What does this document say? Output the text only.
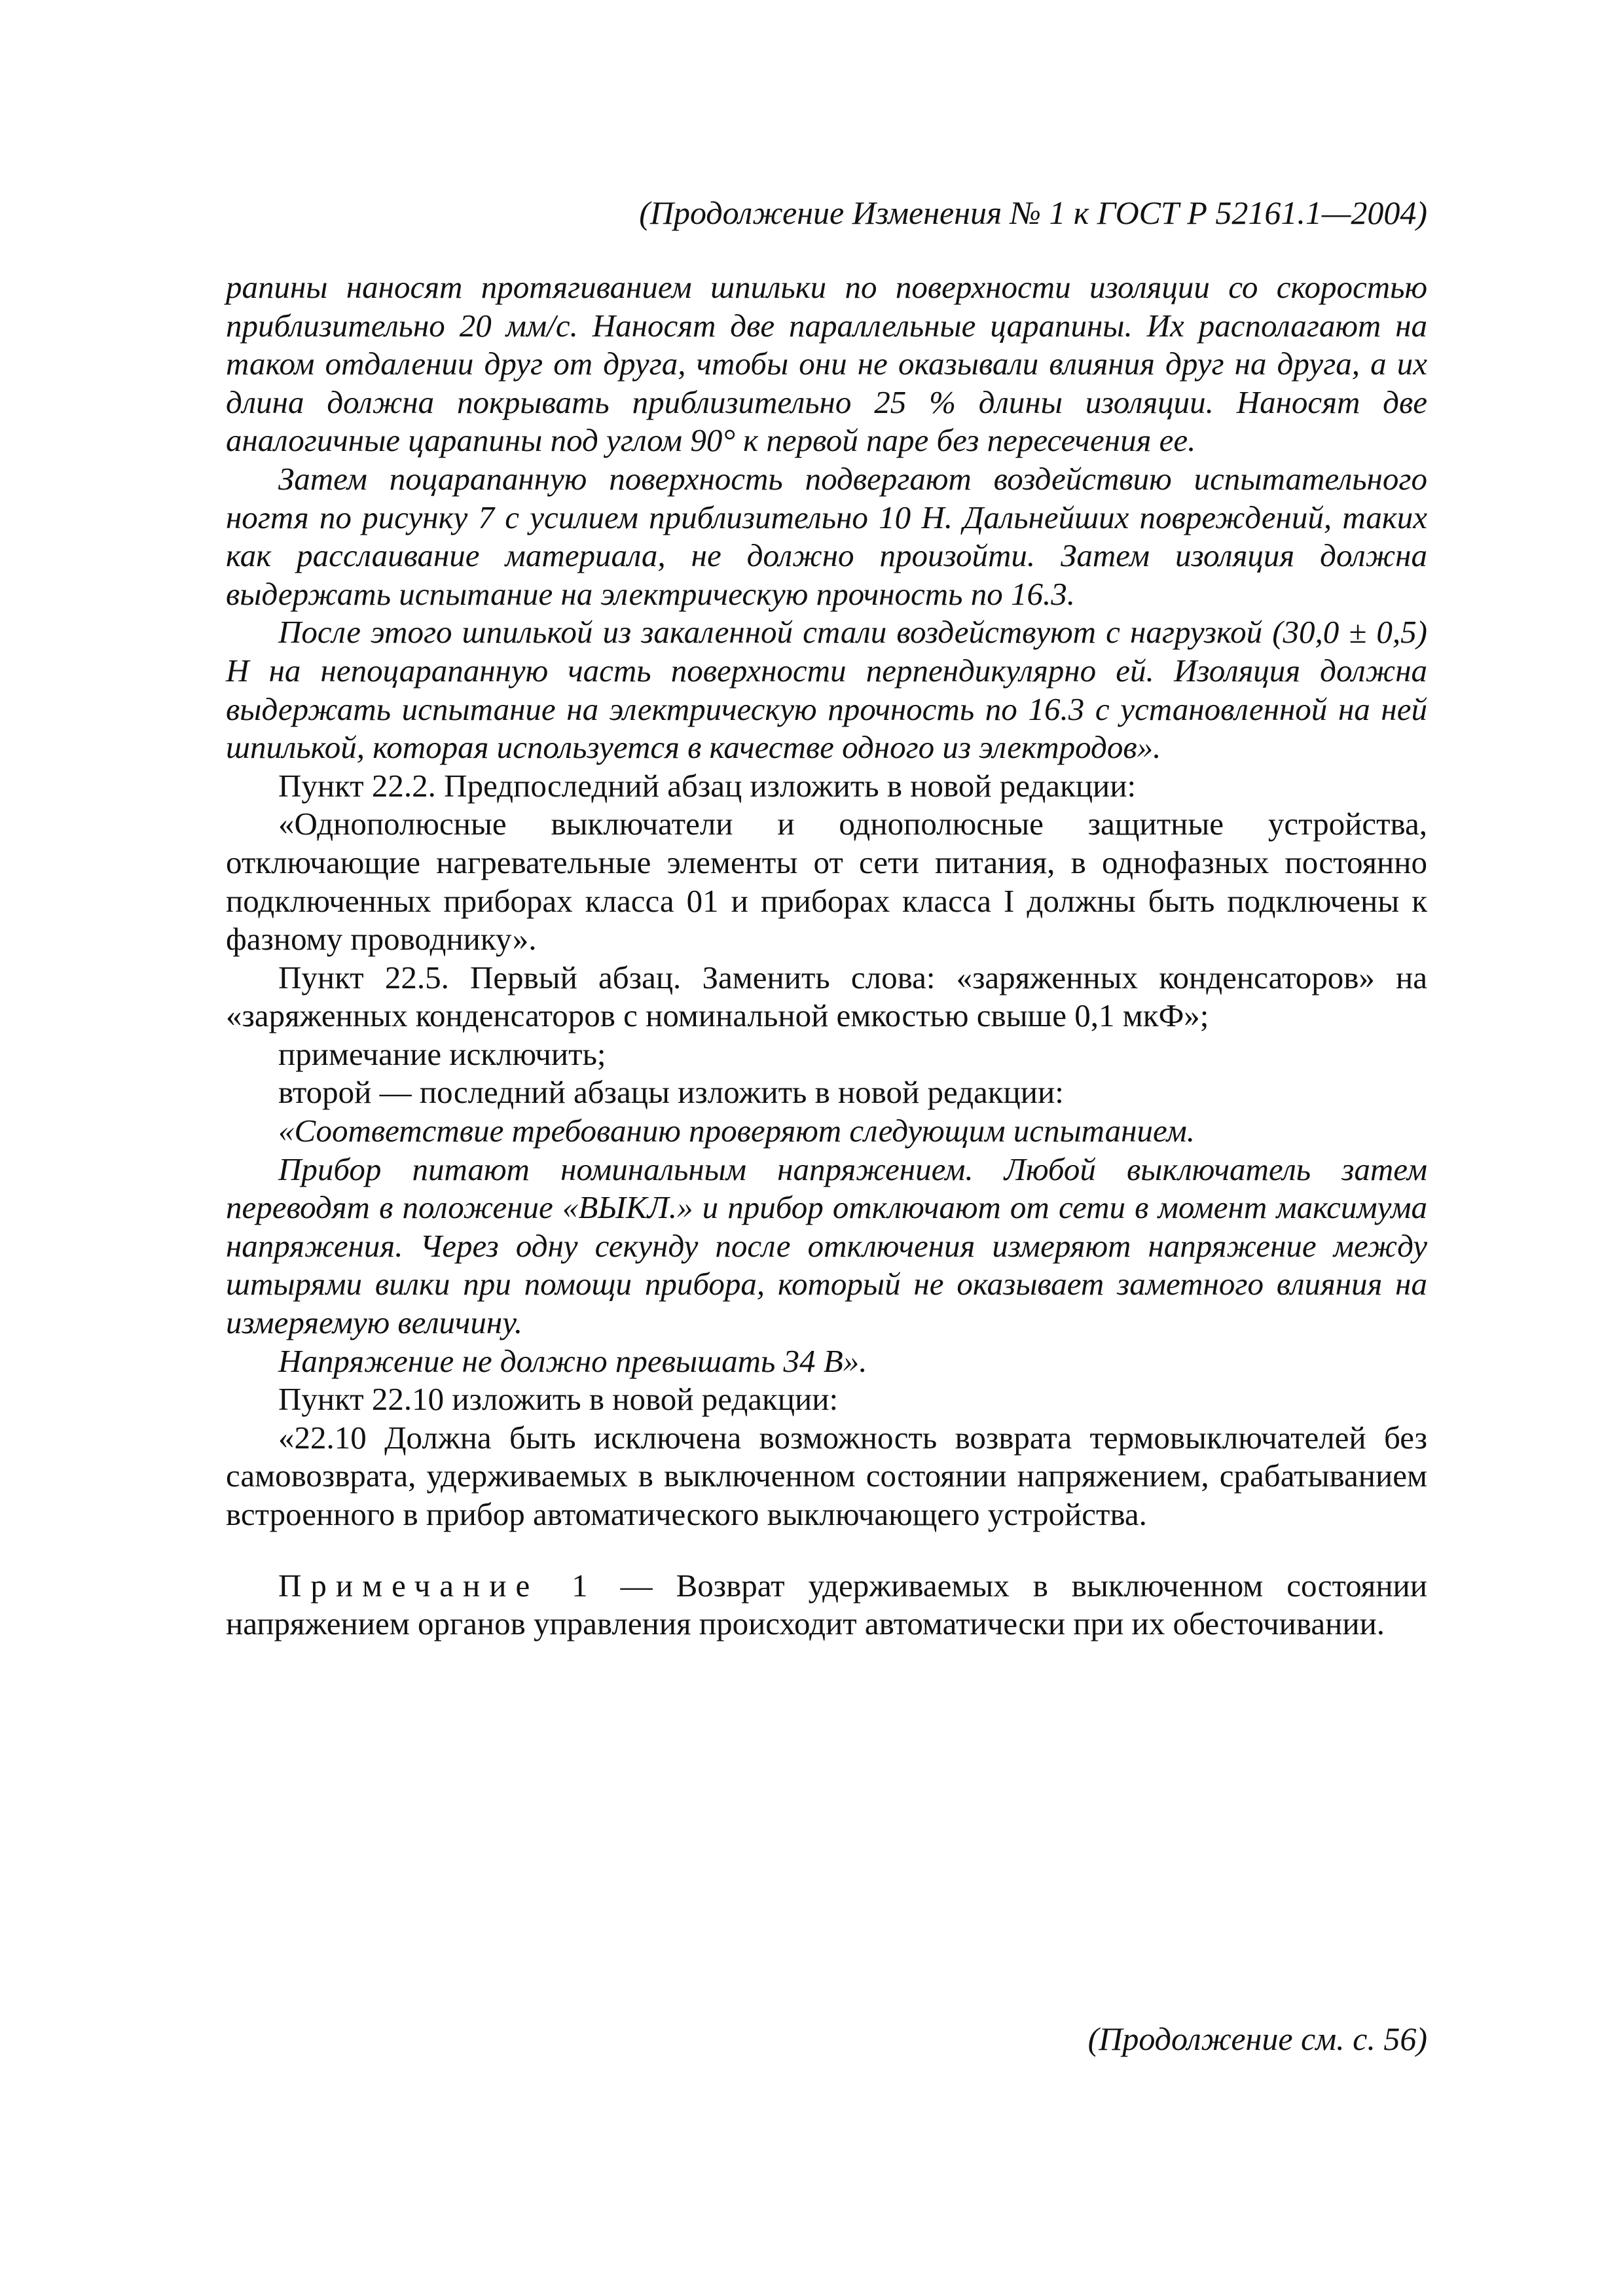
(Продолжение Изменения № 1 к ГОСТ Р 52161.1—2004)

рапины наносят протягиванием шпильки по поверхности изоляции со скоростью приблизительно 20 мм/с. Наносят две параллельные царапины. Их располагают на таком отдалении друг от друга, чтобы они не оказывали влияния друг на друга, а их длина должна покрывать приблизительно 25 % длины изоляции. Наносят две аналогичные царапины под углом 90° к первой паре без пересечения ее.

Затем поцарапанную поверхность подвергают воздействию испытательного ногтя по рисунку 7 с усилием приблизительно 10 Н. Дальнейших повреждений, таких как расслаивание материала, не должно произойти. Затем изоляция должна выдержать испытание на электрическую прочность по 16.3.

После этого шпилькой из закаленной стали воздействуют с нагрузкой (30,0 ± 0,5) Н на непоцарапанную часть поверхности перпендикулярно ей. Изоляция должна выдержать испытание на электрическую прочность по 16.3 с установленной на ней шпилькой, которая используется в качестве одного из электродов».

Пункт 22.2. Предпоследний абзац изложить в новой редакции:

«Однополюсные выключатели и однополюсные защитные устройства, отключающие нагревательные элементы от сети питания, в однофазных постоянно подключенных приборах класса 01 и приборах класса I должны быть подключены к фазному проводнику».

Пункт 22.5. Первый абзац. Заменить слова: «заряженных конденсаторов» на «заряженных конденсаторов с номинальной емкостью свыше 0,1 мкФ»;

примечание исключить;

второй — последний абзацы изложить в новой редакции:

«Соответствие требованию проверяют следующим испытанием.

Прибор питают номинальным напряжением. Любой выключатель затем переводят в положение «ВЫКЛ.» и прибор отключают от сети в момент максимума напряжения. Через одну секунду после отключения измеряют напряжение между штырями вилки при помощи прибора, который не оказывает заметного влияния на измеряемую величину.

Напряжение не должно превышать 34 В».

Пункт 22.10 изложить в новой редакции:

«22.10 Должна быть исключена возможность возврата термовыключателей без самовозврата, удерживаемых в выключенном состоянии напряжением, срабатыванием встроенного в прибор автоматического выключающего устройства.

Примечание 1 — Возврат удерживаемых в выключенном состоянии напряжением органов управления происходит автоматически при их обесточивании.

(Продолжение см. с. 56)
